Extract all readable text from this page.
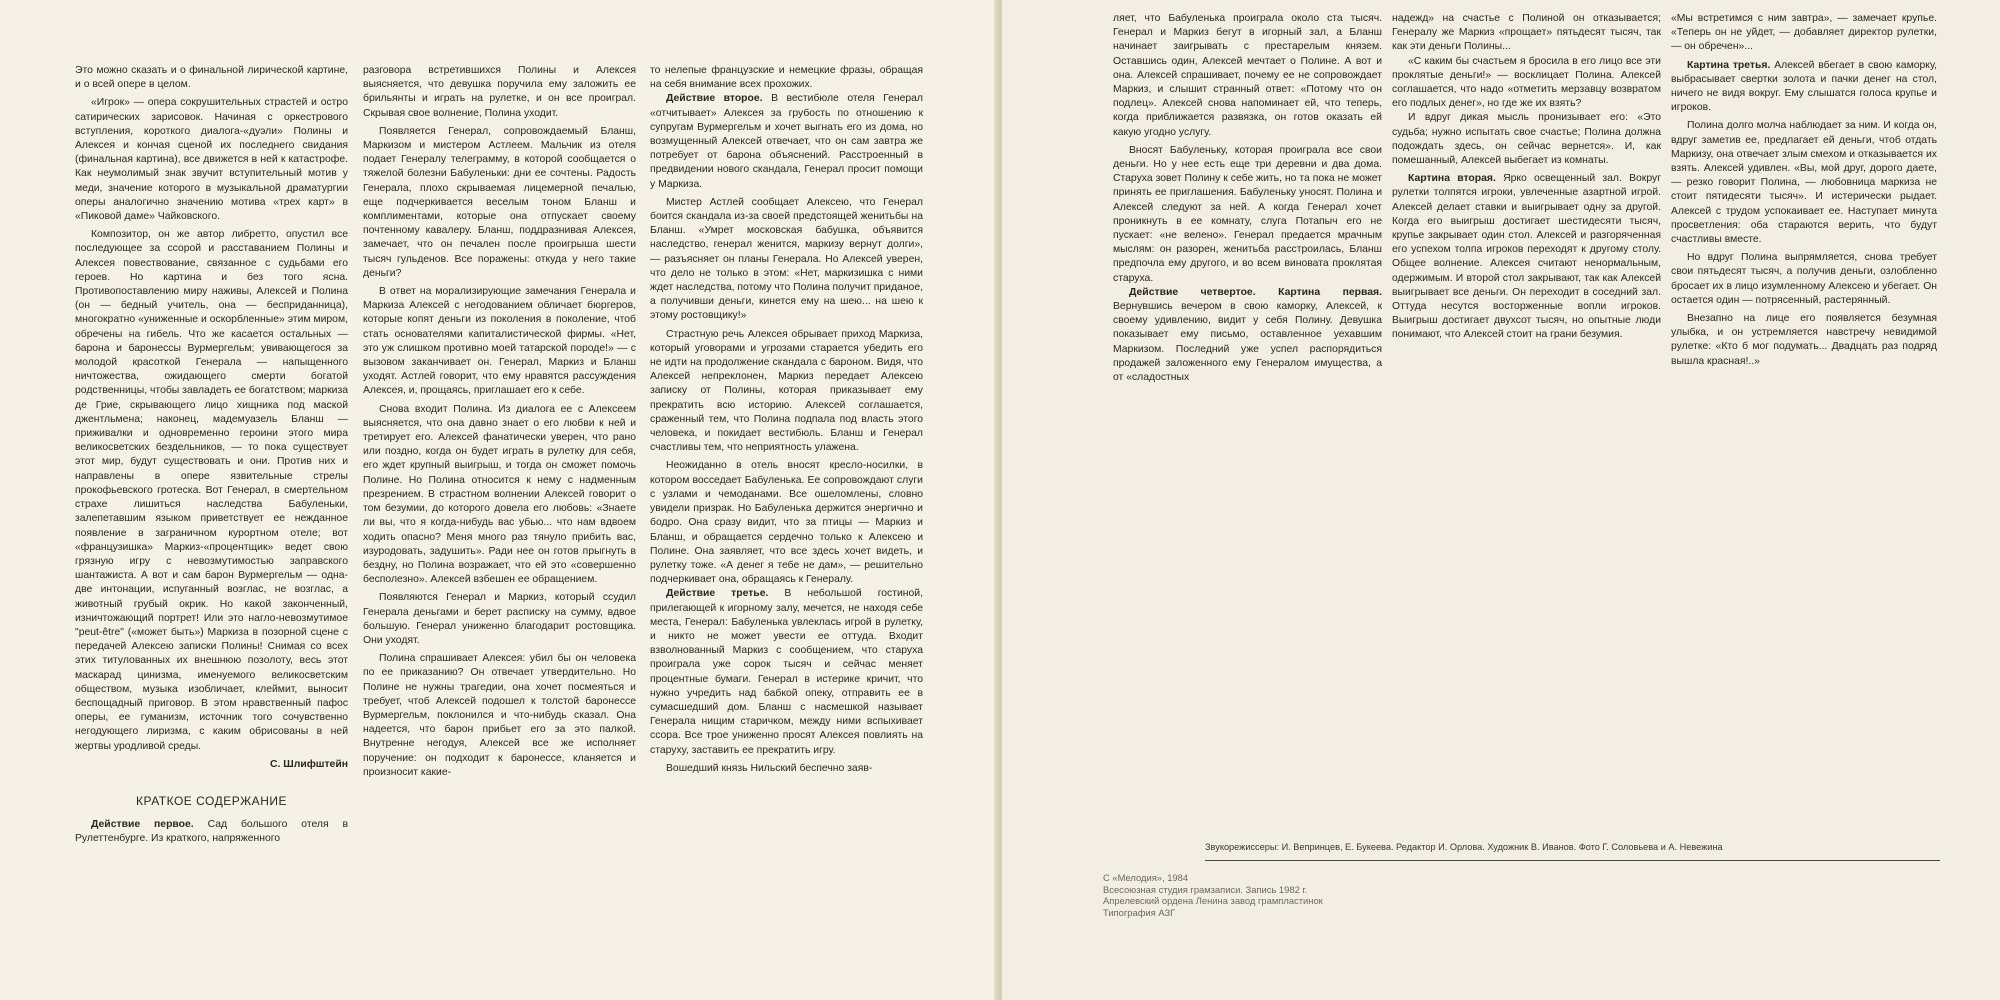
Это можно сказать и о финальной лирической картине, и о всей опере в целом.

«Игрок» — опера сокрушительных страстей и остро сатирических зарисовок. Начиная с оркестрового вступления, короткого диалога-«дуэли» Полины и Алексея и кончая сценой их последнего свидания (финальная картина), все движется в ней к катастрофе. Как неумолимый знак звучит вступительный мотив у меди, значение которого в музыкальной драматургии оперы аналогично значению мотива «трех карт» в «Пиковой даме» Чайковского.

Композитор, он же автор либретто, опустил все последующее за ссорой и расставанием Полины и Алексея повествование, связанное с судьбами его героев. Но картина и без того ясна. Противопоставлению миру наживы, Алексей и Полина (он — бедный учитель, она — бесприданница), многократно «униженные и оскорбленные» этим миром, обречены на гибель. Что же касается остальных — барона и баронессы Вурмергельм; увивающегося за молодой красоткой Генерала — напыщенного ничтожества, ожидающего смерти богатой родственницы, чтобы завладеть ее богатством; маркиза де Грие, скрывающего лицо хищника под маской джентльмена; наконец, мадемуазель Бланш — приживалки и одновременно героини этого мира великосветских бездельников, — то пока существует этот мир, будут существовать и они. Против них и направлены в опере язвительные стрелы прокофьевского гротеска. Вот Генерал, в смертельном страхе лишиться наследства Бабуленьки, залепетавшим языком приветствует ее нежданное появление в заграничном курортном отеле; вот «французишка» Маркиз-«процентщик» ведет свою грязную игру с невозмутимостью заправского шантажиста. А вот и сам барон Вурмергельм — одна-две интонации, испуганный возглас, не возглас, а животный грубый окрик. Но какой законченный, изничтожающий портрет! Или это нагло-невозмутимое "peut-être" («может быть») Маркиза в позорной сцене с передачей Алексею записки Полины! Снимая со всех этих титулованных их внешнюю позолоту, весь этот маскарад цинизма, именуемого великосветским обществом, музыка изобличает, клеймит, выносит беспощадный приговор. В этом нравственный пафос оперы, ее гуманизм, источник того сочувственно негодующего лиризма, с каким обрисованы в ней жертвы уродливой среды.

С. Шлифштейн

КРАТКОЕ СОДЕРЖАНИЕ

Действие первое. Сад большого отеля в Рулеттенбурге. Из краткого, напряженного

разговора встретившихся Полины и Алексея выясняется, что девушка поручила ему заложить ее брильянты и играть на рулетке, и он все проиграл. Скрывая свое волнение, Полина уходит.

Появляется Генерал, сопровождаемый Бланш, Маркизом и мистером Астлеем. Мальчик из отеля подает Генералу телеграмму, в которой сообщается о тяжелой болезни Бабуленьки: дни ее сочтены. Радость Генерала, плохо скрываемая лицемерной печалью, еще подчеркивается веселым тоном Бланш и комплиментами, которые она отпускает своему почтенному кавалеру. Бланш, поддразнивая Алексея, замечает, что он печален после проигрыша шести тысяч гульденов. Все поражены: откуда у него такие деньги?

В ответ на морализирующие замечания Генерала и Маркиза Алексей с негодованием обличает бюргеров, которые копят деньги из поколения в поколение, чтоб стать основателями капиталистической фирмы. «Нет, это уж слишком противно моей татарской породе!» — с вызовом заканчивает он. Генерал, Маркиз и Бланш уходят. Астлей говорит, что ему нравятся рассуждения Алексея, и, прощаясь, приглашает его к себе.

Снова входит Полина. Из диалога ее с Алексеем выясняется, что она давно знает о его любви к ней и третирует его. Алексей фанатически уверен, что рано или поздно, когда он будет играть в рулетку для себя, его ждет крупный выигрыш, и тогда он сможет помочь Полине. Но Полина относится к нему с надменным презрением. В страстном волнении Алексей говорит о том безумии, до которого довела его любовь: «Знаете ли вы, что я когда-нибудь вас убью... что нам вдвоем ходить опасно? Меня много раз тянуло прибить вас, изуродовать, задушить». Ради нее он готов прыгнуть в бездну, но Полина возражает, что ей это «совершенно бесполезно». Алексей взбешен ее обращением.

Появляются Генерал и Маркиз, который ссудил Генерала деньгами и берет расписку на сумму, вдвое большую. Генерал униженно благодарит ростовщика. Они уходят.

Полина спрашивает Алексея: убил бы он человека по ее приказанию? Он отвечает утвердительно. Но Полине не нужны трагедии, она хочет посмеяться и требует, чтоб Алексей подошел к толстой баронессе Вурмергельм, поклонился и что-нибудь сказал. Она надеется, что барон прибьет его за это палкой. Внутренне негодуя, Алексей все же исполняет поручение: он подходит к баронессе, кланяется и произносит какие-

то нелепые французские и немецкие фразы, обращая на себя внимание всех прохожих.

Действие второе. В вестибюле отеля Генерал «отчитывает» Алексея за грубость по отношению к супругам Вурмергельм и хочет выгнать его из дома, но возмущенный Алексей отвечает, что он сам завтра же потребует от барона объяснений. Расстроенный в предвидении нового скандала, Генерал просит помощи у Маркиза.

Мистер Астлей сообщает Алексею, что Генерал боится скандала из-за своей предстоящей женитьбы на Бланш. «Умрет московская бабушка, объявится наследство, генерал женится, маркизу вернут долги», — разъясняет он планы Генерала. Но Алексей уверен, что дело не только в этом: «Нет, маркизишка с ними ждет наследства, потому что Полина получит приданое, а получивши деньги, кинется ему на шею... на шею к этому ростовщику!»

Страстную речь Алексея обрывает приход Маркиза, который уговорами и угрозами старается убедить его не идти на продолжение скандала с бароном. Видя, что Алексей непреклонен, Маркиз передает Алексею записку от Полины, которая приказывает ему прекратить всю историю. Алексей соглашается, сраженный тем, что Полина подпала под власть этого человека, и покидает вестибюль. Бланш и Генерал счастливы тем, что неприятность улажена.

Неожиданно в отель вносят кресло-носилки, в котором восседает Бабуленька. Ее сопровождают слуги с узлами и чемоданами. Все ошеломлены, словно увидели призрак. Но Бабуленька держится энергично и бодро. Она сразу видит, что за птицы — Маркиз и Бланш, и обращается сердечно только к Алексею и Полине. Она заявляет, что все здесь хочет видеть, и рулетку тоже. «А денег я тебе не дам», — решительно подчеркивает она, обращаясь к Генералу.

Действие третье. В небольшой гостиной, прилегающей к игорному залу, мечется, не находя себе места, Генерал: Бабуленька увлеклась игрой в рулетку, и никто не может увести ее оттуда. Входит взволнованный Маркиз с сообщением, что старуха проиграла уже сорок тысяч и сейчас меняет процентные бумаги. Генерал в истерике кричит, что нужно учредить над бабкой опеку, отправить ее в сумасшедший дом. Бланш с насмешкой называет Генерала нищим старичком, между ними вспыхивает ссора. Все трое униженно просят Алексея повлиять на старуху, заставить ее прекратить игру.

Вошедший князь Нильский беспечно заяв-

ляет, что Бабуленька проиграла около ста тысяч. Генерал и Маркиз бегут в игорный зал, а Бланш начинает заигрывать с престарелым князем. Оставшись один, Алексей мечтает о Полине. А вот и она. Алексей спрашивает, почему ее не сопровождает Маркиз, и слышит странный ответ: «Потому что он подлец». Алексей снова напоминает ей, что теперь, когда приближается развязка, он готов оказать ей какую угодно услугу.

Вносят Бабуленьку, которая проиграла все свои деньги. Но у нее есть еще три деревни и два дома. Старуха зовет Полину к себе жить, но та пока не может принять ее приглашения. Бабуленьку уносят. Полина и Алексей следуют за ней. А когда Генерал хочет проникнуть в ее комнату, слуга Потапыч его не пускает: «не велено». Генерал предается мрачным мыслям: он разорен, женитьба расстроилась, Бланш предпочла ему другого, и во всем виновата проклятая старуха.

Действие четвертое. Картина первая. Вернувшись вечером в свою каморку, Алексей, к своему удивлению, видит у себя Полину. Девушка показывает ему письмо, оставленное уехавшим Маркизом. Последний уже успел распорядиться продажей заложенного ему Генералом имущества, а от «сладостных

надежд» на счастье с Полиной он отказывается; Генералу же Маркиз «прощает» пятьдесят тысяч, так как эти деньги Полины...

«С каким бы счастьем я бросила в его лицо все эти проклятые деньги!» — восклицает Полина. Алексей соглашается, что надо «отметить мерзавцу возвратом его подлых денег», но где же их взять?

И вдруг дикая мысль пронизывает его: «Это судьба; нужно испытать свое счастье; Полина должна подождать здесь, он сейчас вернется». И, как помешанный, Алексей выбегает из комнаты.

Картина вторая. Ярко освещенный зал. Вокруг рулетки толпятся игроки, увлеченные азартной игрой. Алексей делает ставки и выигрывает одну за другой. Когда его выигрыш достигает шестидесяти тысяч, крупье закрывает один стол. Алексей и разгоряченная его успехом толпа игроков переходят к другому столу. Общее волнение. Алексея считают ненормальным, одержимым. И второй стол закрывают, так как Алексей выигрывает все деньги. Он переходит в соседний зал. Оттуда несутся восторженные вопли игроков. Выигрыш достигает двухсот тысяч, но опытные люди понимают, что Алексей стоит на грани безумия.

«Мы встретимся с ним завтра», — замечает крупье. «Теперь он не уйдет, — добавляет директор рулетки, — он обречен»...

Картина третья. Алексей вбегает в свою каморку, выбрасывает свертки золота и пачки денег на стол, ничего не видя вокруг. Ему слышатся голоса крупье и игроков.

Полина долго молча наблюдает за ним. И когда он, вдруг заметив ее, предлагает ей деньги, чтоб отдать Маркизу, она отвечает злым смехом и отказывается их взять. Алексей удивлен. «Вы, мой друг, дорого даете, — резко говорит Полина, — любовница маркиза не стоит пятидесяти тысяч». И истерически рыдает. Алексей с трудом успокаивает ее. Наступает минута просветления: оба стараются верить, что будут счастливы вместе.

Но вдруг Полина выпрямляется, снова требует свои пятьдесят тысяч, а получив деньги, озлобленно бросает их в лицо изумленному Алексею и убегает. Он остается один — потрясенный, растерянный.

Внезапно на лице его появляется безумная улыбка, и он устремляется навстречу невидимой рулетке: «Кто б мог подумать... Двадцать раз подряд вышла красная!..»

Звукорежиссеры: И. Вепринцев, Е. Букеева. Редактор И. Орлова. Художник В. Иванов. Фото Г. Соловьева и А. Невежина
С «Мелодия», 1984
Всесоюзная студия грамзаписи. Запись 1982 г.
Апрелевский ордена Ленина завод грампластинок
Типография АЗГ
